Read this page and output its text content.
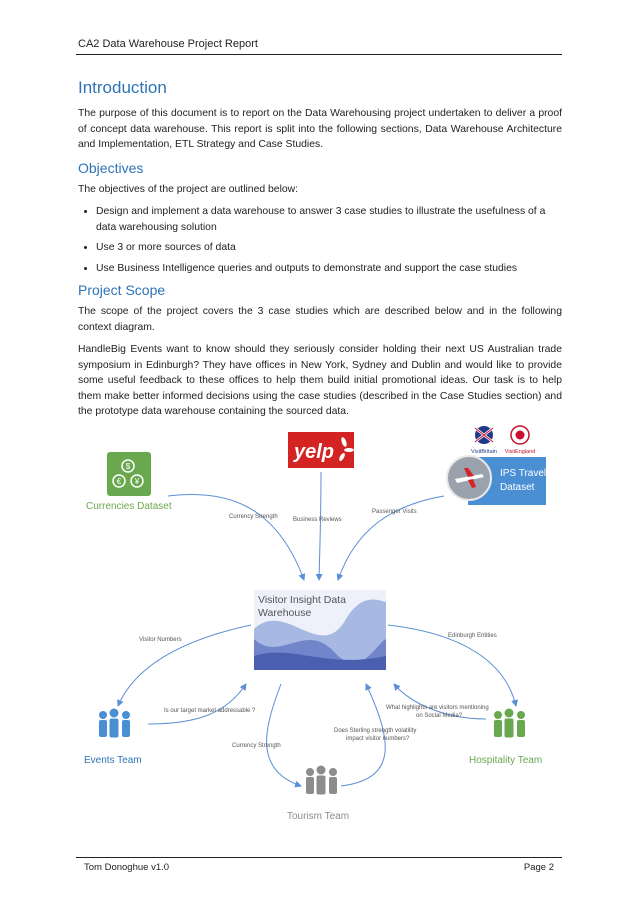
CA2 Data Warehouse Project Report
Introduction

The purpose of this document is to report on the Data Warehousing project undertaken to deliver a proof of concept data warehouse. This report is split into the following sections, Data Warehouse Architecture and Implementation, ETL Strategy and Case Studies.

Objectives

The objectives of the project are outlined below:

• Design and implement a data warehouse to answer 3 case studies to illustrate the usefulness of a data warehousing solution
• Use 3 or more sources of data
• Use Business Intelligence queries and outputs to demonstrate and support the case studies
Project Scope

The scope of the project covers the 3 case studies which are described below and in the following context diagram.

HandleBig Events want to know should they seriously consider holding their next US Australian trade symposium in Edinburgh? They have offices in New York, Sydney and Dublin and would like to provide some useful feedback to these offices to help them build initial promotional ideas. Our task is to help them make better informed decisions using the case studies (described in the Case Studies section) and the prototype data warehouse containing the sourced data.

$
€ ¥
Currencies Dataset
yelp	VisitBritain VisitEngland
IPS Travel
Dataset
Visitor Insight Data
Warehouse
Currency Strength	Business Reviews
Passenger Visits
Visitor Numbers
Edinburgh Entities
Is our target market addressable ?	What highlights are visitors mentioning
on Social Media?
Currency Strength
Does Sterling strength volatility
impact visitor numbers?
Events Team
Tourism Team
Hospitality Team
Tom Donoghue v1.0	Page 2
